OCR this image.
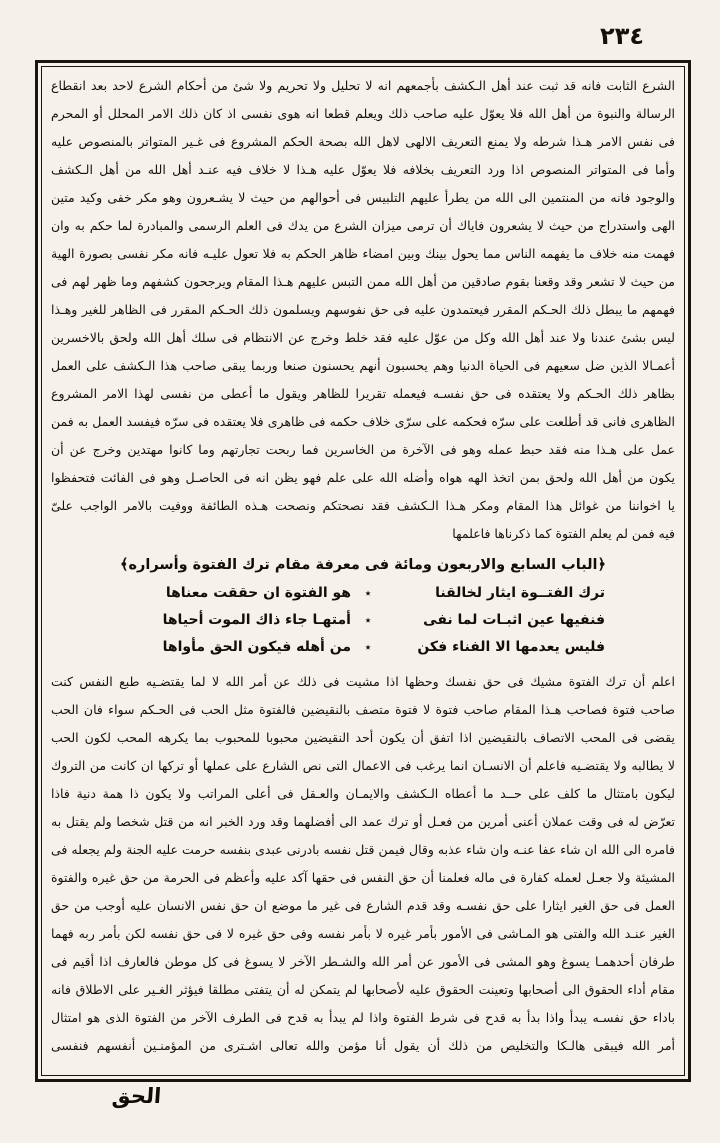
٢٣٤
الشرع الثابت فانه قد ثبت عند أهل الـكشف بأجمعهم انه لا تحليل ولا تحريم ولا شئ من أحكام الشرع لاحد بعد انقطاع
الرسالة والنبوة من أهل الله فلا يعوّل عليه صاحب ذلك ويعلم قطعا انه هوى نفسى اذ كان ذلك الامر المحلل أو المحرم
فى نفس الامر هـذا شرطه ولا يمنع التعريف الالهى لاهل الله بصحة الحكم المشروع فى غـير المتواتر بالمنصوص عليه
وأما فى المتواتر المنصوص اذا ورد التعريف بخلافه فلا يعوّل عليه هـذا لا خلاف فيه عنـد أهل الله من أهل الـكشف
والوجود فانه من المنتمين الى الله من يطرأ عليهم التلبيس فى أحوالهم من حيث لا يشـعرون وهو مكر خفى وكيد متين
الهى واستدراج من حيث لا يشعرون فاياك أن ترمى ميزان الشرع من يدك فى العلم الرسمى والمبادرة لما حكم به وان
فهمت منه خلاف ما يفهمه الناس مما يحول بينك وبين امضاء ظاهر الحكم به فلا تعول عليـه فانه مكر نفسى بصورة الهية
من حيث لا تشعر وقد وقعنا بقوم صادقين من أهل الله ممن التبس عليهم هـذا المقام ويرجحون كشفهم وما ظهر لهم فى
فهمهم ما يبطل ذلك الحـكم المقرر فيعتمدون عليه فى حق نفوسهم ويسلمون ذلك الحـكم المقرر فى الظاهر للغير وهـذا
ليس بشئ عندنا ولا عند أهل الله وكل من عوّل عليه فقد خلط وخرج عن الانتظام فى سلك أهل الله ولحق بالاخسرين
أعمـالا الذين ضل سعيهم فى الحياة الدنيا وهم يحسبون أنهم يحسنون صنعا وربما يبقى صاحب هذا الـكشف على العمل
بظاهر ذلك الحـكم ولا يعتقده فى حق نفسـه فيعمله تقريرا للظاهر ويقول ما أعطى من نفسى لهذا الامر المشروع
الظاهرى فانى قد أطلعت على سرّه فحكمه على سرّى خلاف حكمه فى ظاهرى فلا يعتقده فى سرّه فيفسد العمل به فمن
عمل على هـذا منه فقد حبط عمله وهو فى الآخرة من الخاسرين فما ربحت تجارتهم وما كانوا مهتدين وخرج عن أن
يكون من أهل الله ولحق بمن اتخذ الهه هواه وأضله الله على علم فهو يظن انه فى الحاصـل وهو فى الفائت فتحفظوا
يا اخواننا من غوائل هذا المقام ومكر هـذا الـكشف فقد نصحتكم ونصحت هـذه الطائفة ووفيت بالامر الواجب علىّ
فيه فمن لم يعلم الفتوة كما ذكرناها فاعلمها
﴿الباب السابع والاربعون ومائة فى معرفة مقام ترك الفتوة وأسراره﴾
ترك الفتــوة ايثار لخالقنا
٭
هو الفتوة ان حققت معناها
فنفيها عين اثبـات لما نفى
٭
أمتهـا جاء ذاك الموت أحياها
فليس يعدمها الا الفناء فكن
٭
من أهله فيكون الحق مأواها
اعلم أن ترك الفتوة مشيك فى حق نفسك وحظها اذا مشيت فى ذلك عن أمر الله لا لما يقتضـيه طبع النفس كنت
صاحب فتوة فصاحب هـذا المقام صاحب فتوة لا فتوة متصف بالنقيضين فالفتوة مثل الحب فى الحـكم سواء فان الحب
يقضى فى المحب الاتصاف بالنقيضين اذا اتفق أن يكون أحد النقيضين محبوبا للمحبوب بما يكرهه المحب لكون الحب
لا يطالبه ولا يقتضـيه فاعلم أن الانسـان انما يرغب فى الاعمال التى نص الشارع على عملها أو تركها ان كانت من التروك
ليكون بامتثال ما كلف على حــد ما أعطاه الـكشف والايمـان والعـقل فى أعلى المراتب ولا يكون ذا همة دنية فاذا
تعرّض له فى وقت عملان أعنى أمرين من فعـل أو ترك عمد الى أفضلهما وقد ورد الخبر انه من قتل شخصا ولم يقتل به
فامره الى الله ان شاء عفا عنـه وان شاء عذبه وقال فيمن قتل نفسه بادرنى عبدى بنفسه حرمت عليه الجنة ولم يجعله فى
المشيئة ولا جعـل لعمله كفارة فى ماله فعلمنا أن حق النفس فى حقها آكد عليه وأعظم فى الحرمة من حق غيره والفتوة
العمل فى حق الغير ايثارا على حق نفسـه وقد قدم الشارع فى غير ما موضع ان حق نفس الانسان عليه أوجب من حق
الغير عنـد الله والفتى هو المـاشى فى الأمور بأمر غيره لا بأمر نفسه وفى حق غيره لا فى حق نفسه لكن بأمر ربه فهما
طرفان أحدهمـا يسوغ وهو المشى فى الأمور عن أمر الله والشـطر الآخر لا يسوغ فى كل موطن فالعارف اذا أقيم فى
مقام أداء الحقوق الى أصحابها وتعينت الحقوق عليه لأصحابها لم يتمكن له أن يتفتى مطلقا فيؤثر الغـير على الاطلاق فانه
باداء حق نفسـه يبدأ واذا بدأ به قدح فى شرط الفتوة واذا لم يبدأ به قدح فى الطرف الآخر من الفتوة الذى هو امتثال
أمر الله فيبقى هالـكا والتخليص من ذلك أن يقول أنا مؤمن والله تعالى اشـترى من المؤمنـين أنفسهم فنفسى
الحق
